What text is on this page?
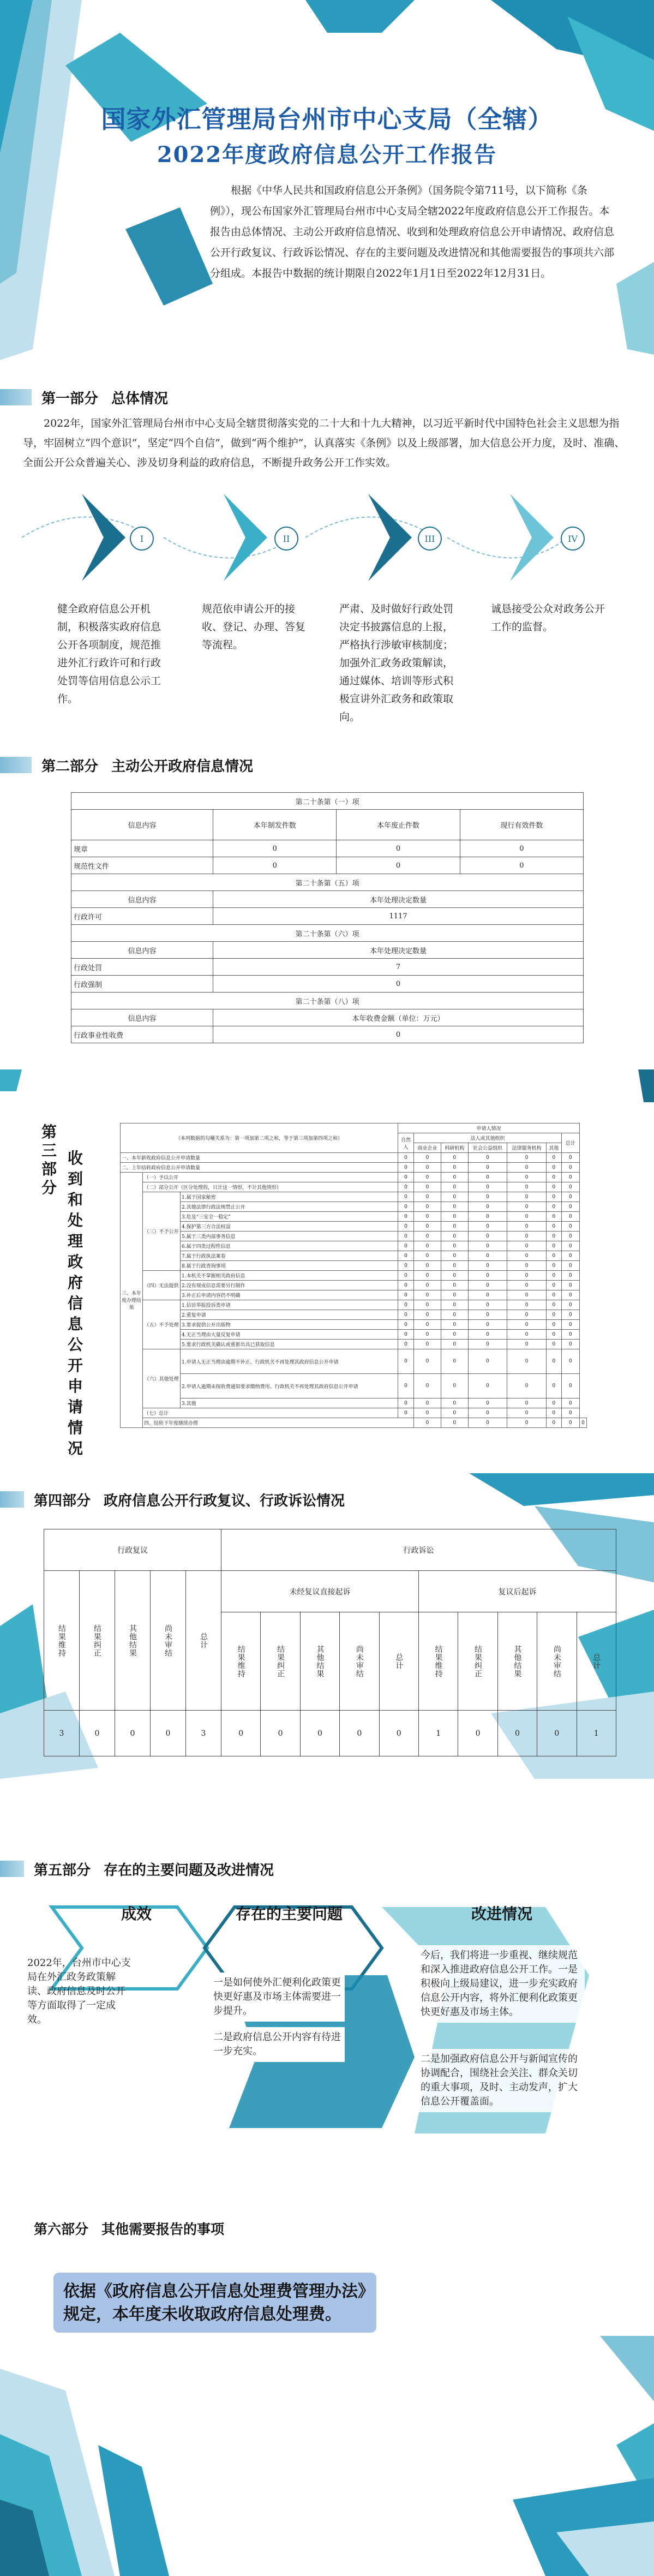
国家外汇管理局台州市中心支局（全辖）
2022年度政府信息公开工作报告
根据《中华人民共和国政府信息公开条例》（国务院令第711号，以下简称《条例》），现公布国家外汇管理局台州市中心支局全辖2022年度政府信息公开工作报告。本报告由总体情况、主动公开政府信息情况、收到和处理政府信息公开申请情况、政府信息公开行政复议、行政诉讼情况、存在的主要问题及改进情况和其他需要报告的事项共六部分组成。本报告中数据的统计期限自2022年1月1日至2022年12月31日。
第一部分 总体情况
2022年，国家外汇管理局台州市中心支局全辖贯彻落实党的二十大和十九大精神，以习近平新时代中国特色社会主义思想为指导，牢固树立“四个意识”，坚定“四个自信”，做到“两个维护”，认真落实《条例》以及上级部署，加大信息公开力度，及时、准确、全面公开公众普遍关心、涉及切身利益的政府信息，不断提升政务公开工作实效。
I	II	III	IV
健全政府信息公开机制，积极落实政府信息公开各项制度，规范推进外汇行政许可和行政处罚等信用信息公示工作。
规范依申请公开的接收、登记、办理、答复等流程。
严肃、及时做好行政处罚决定书披露信息的上报，严格执行涉敏审核制度；加强外汇政务政策解读，通过媒体、培训等形式积极宣讲外汇政务和政策取向。
诚恳接受公众对政务公开工作的监督。
第二部分 主动公开政府信息情况
第二十条第（一）项			
信息内容	本年制发件数	本年废止件数	现行有效件数
规章	0	0	0
规范性文件	0	0	0
第二十条第（五）项			
信息内容	本年处理决定数量		
行政许可	1117		
第二十条第（六）项			
信息内容	本年处理决定数量		
行政处罚	7		
行政强制	0		
第二十条第（八）项			
信息内容	本年收费金额（单位：万元）		
行政事业性收费	0		
第
三
部
分
收
到
和
处
理
政
府
信
息
公
开
申
请
情
况
（本列数据的勾稽关系为：第一项加第二项之和，等于第三项加第四项之和）			申请人情况							
			自然人	法人或其他组织					总计	
				商业企业	科研机构	社会公益组织	法律服务机构	其他		
一、本年新收政府信息公开申请数量			0	0	0	0	0	0	0	
二、上年结转政府信息公开申请数量			0	0	0	0	0	0	0	
三、本年度办理结果	（一）予以公开		0	0	0	0	0	0	0	
	（二）部分公开（区分处理的，只计这一情形，不计其他情形）		0	0	0	0	0	0	0	
	（三）不予公开	1.属于国家秘密	0	0	0	0	0	0	0	
		2.其他法律行政法规禁止公开	0	0	0	0	0	0	0	
		3.危及“三安全一稳定”	0	0	0	0	0	0	0	
		4.保护第三方合法权益	0	0	0	0	0	0	0	
		5.属于三类内部事务信息	0	0	0	0	0	0	0	
		6.属于四类过程性信息	0	0	0	0	0	0	0	
		7.属于行政执法案卷	0	0	0	0	0	0	0	
		8.属于行政查询事项	0	0	0	0	0	0	0	
	（四）无法提供	1.本机关不掌握相关政府信息	0	0	0	0	0	0	0	
		2.没有现成信息需要另行制作	0	0	0	0	0	0	0	
		3.补正后申请内容仍不明确	0	0	0	0	0	0	0	
	（五）不予处理	1.信访举报投诉类申请	0	0	0	0	0	0	0	
		2.重复申请	0	0	0	0	0	0	0	
		3.要求提供公开出版物	0	0	0	0	0	0	0	
		4.无正当理由大量反复申请	0	0	0	0	0	0	0	
		5.要求行政机关确认或重新出具已获取信息	0	0	0	0	0	0	0	
	（六）其他处理	1.申请人无正当理由逾期不补正、行政机关不再处理其政府信息公开申请	0	0	0	0	0	0	0	
		2.申请人逾期未按收费通知要求缴纳费用、行政机关不再处理其政府信息公开申请	0	0	0	0	0	0	0	
		3.其他	0	0	0	0	0	0	0	
	（七）总计		0	0	0	0	0	0	0	
	四、结转下年度继续办理			0	0	0	0	0	0	0
第四部分 政府信息公开行政复议、行政诉讼情况
行政复议					行政诉讼									

结果维持	结果纠正	其他结果	尚未审结	总计	未经复议直接起诉					复议后起诉				

					结果维持	结果纠正	其他结果	尚未审结	总计	结果维持	结果纠正	其他结果	尚未审结	总计

3	0	0	0	3	0	0	0	0	0	1	0	0	0	1
第五部分 存在的主要问题及改进情况
成效	存在的主要问题	改进情况
2022年，台州市中心支局在外汇政务政策解读、政府信息及时公开等方面取得了一定成效。
一是如何使外汇便利化政策更快更好惠及市场主体需要进一步提升。
二是政府信息公开内容有待进一步充实。
今后，我们将进一步重视、继续规范和深入推进政府信息公开工作。一是积极向上级局建议，进一步充实政府信息公开内容，将外汇便利化政策更快更好惠及市场主体。
二是加强政府信息公开与新闻宣传的协调配合，围绕社会关注、群众关切的重大事项，及时、主动发声，扩大信息公开覆盖面。
第六部分 其他需要报告的事项
依据《政府信息公开信息处理费管理办法》规定，本年度未收取政府信息处理费。
